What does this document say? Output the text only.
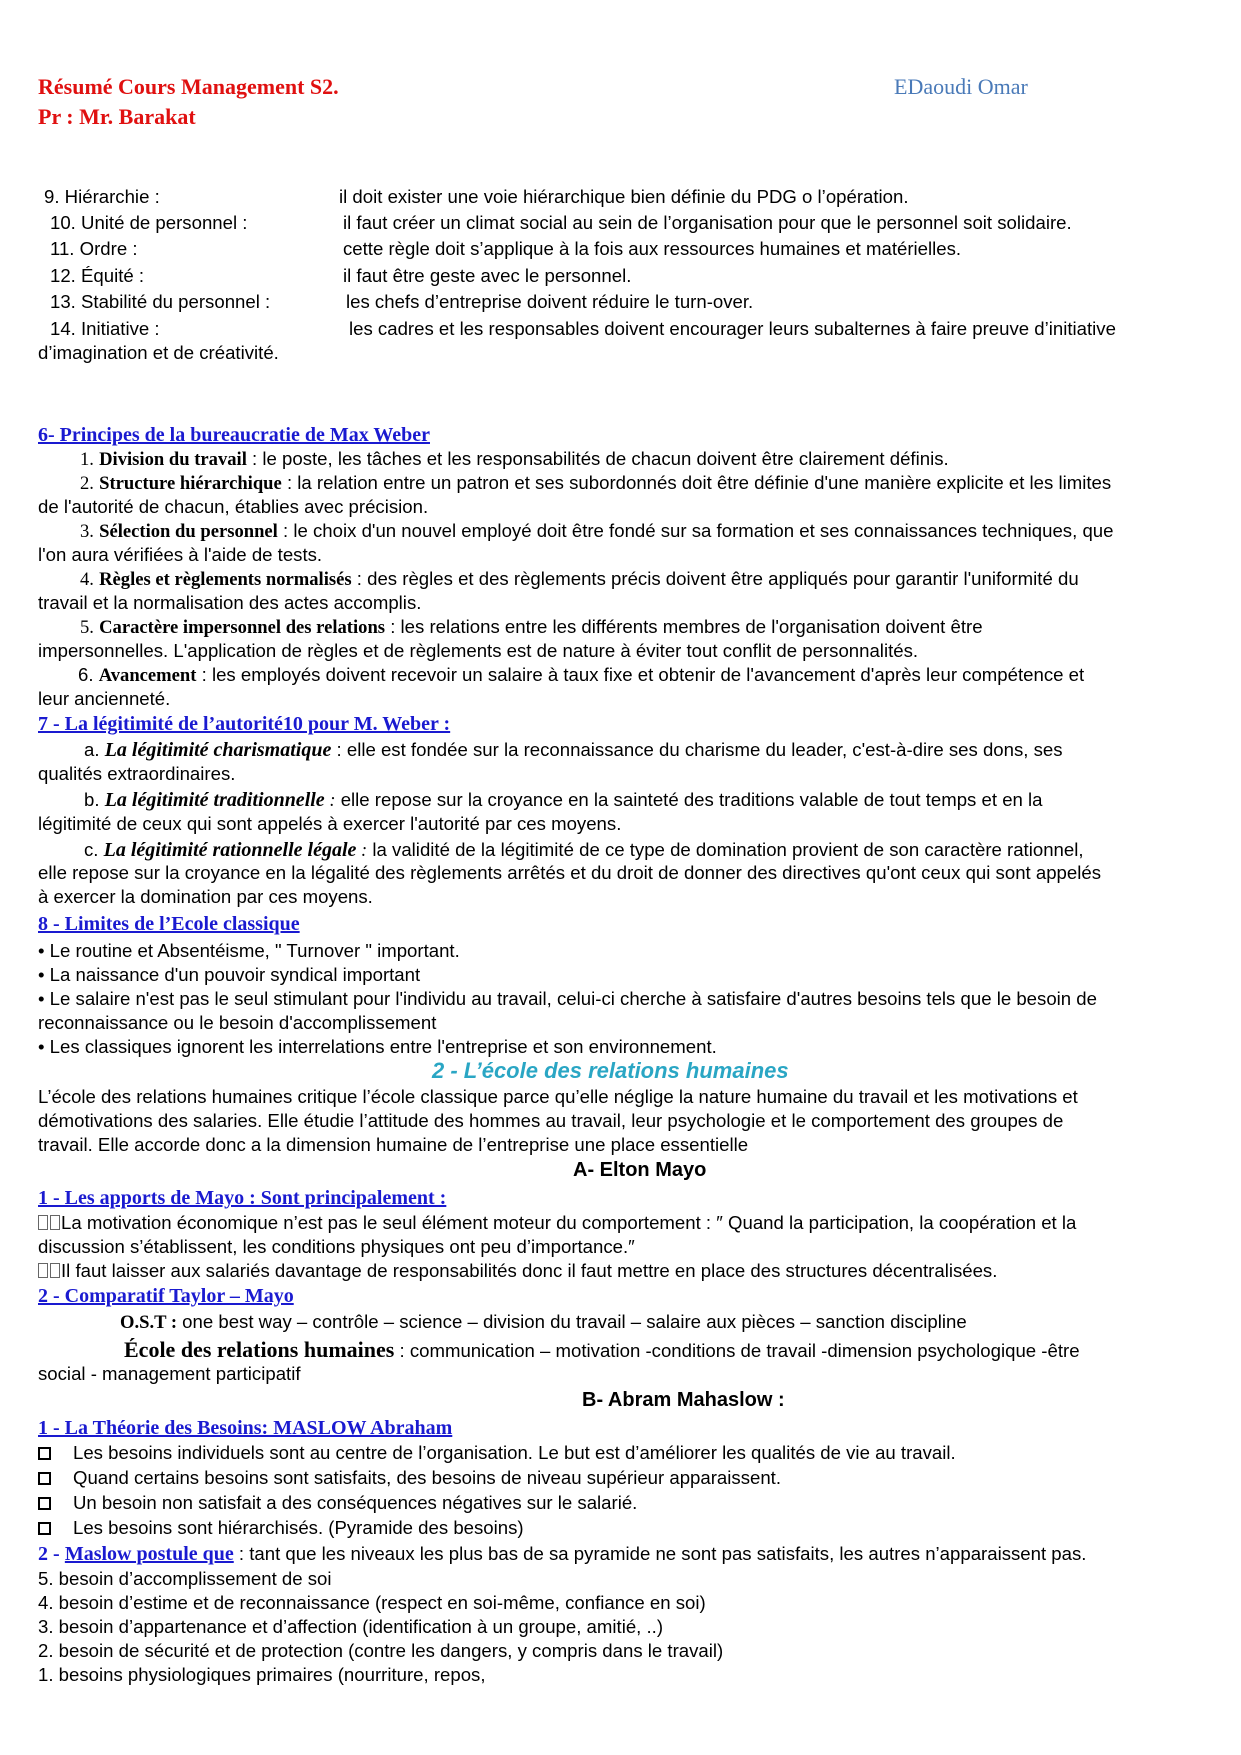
Résumé Cours Management S2.
Pr : Mr. Barakat
EDaoudi Omar
9. Hiérarchie :	il doit exister une voie hiérarchique bien définie du PDG o l’opération.
10. Unité de personnel :	il faut créer un climat social au sein de l’organisation pour que le personnel soit solidaire.
11. Ordre :	cette règle doit s’applique à la fois aux ressources humaines et matérielles.
12. Équité :	il faut être geste avec le personnel.
13. Stabilité du personnel :	les chefs d’entreprise doivent réduire le turn-over.
14. Initiative :	les cadres et les responsables doivent encourager leurs subalternes à faire preuve d’initiative
d’imagination et de créativité.
6- Principes de la bureaucratie de Max Weber
1. Division du travail : le poste, les tâches et les responsabilités de chacun doivent être clairement définis.
2. Structure hiérarchique : la relation entre un patron et ses subordonnés doit être définie d'une manière explicite et les limites
de l'autorité de chacun, établies avec précision.
3. Sélection du personnel : le choix d'un nouvel employé doit être fondé sur sa formation et ses connaissances techniques, que
l'on aura vérifiées à l'aide de tests.
4. Règles et règlements normalisés : des règles et des règlements précis doivent être appliqués pour garantir l'uniformité du
travail et la normalisation des actes accomplis.
5. Caractère impersonnel des relations : les relations entre les différents membres de l'organisation doivent être
impersonnelles. L'application de règles et de règlements est de nature à éviter tout conflit de personnalités.
6. Avancement : les employés doivent recevoir un salaire à taux fixe et obtenir de l'avancement d'après leur compétence et
leur ancienneté.
7 - La légitimité de l’autorité10 pour M. Weber :
a. La légitimité charismatique : elle est fondée sur la reconnaissance du charisme du leader, c'est-à-dire ses dons, ses
qualités extraordinaires.
b. La légitimité traditionnelle : elle repose sur la croyance en la sainteté des traditions valable de tout temps et en la
légitimité de ceux qui sont appelés à exercer l'autorité par ces moyens.
c. La légitimité rationnelle légale : la validité de la légitimité de ce type de domination provient de son caractère rationnel,
elle repose sur la croyance en la légalité des règlements arrêtés et du droit de donner des directives qu'ont ceux qui sont appelés
à exercer la domination par ces moyens.
8 - Limites de l’Ecole classique
• Le routine et Absentéisme, " Turnover " important.
• La naissance d'un pouvoir syndical important
• Le salaire n'est pas le seul stimulant pour l'individu au travail, celui-ci cherche à satisfaire d'autres besoins tels que le besoin de
reconnaissance ou le besoin d'accomplissement
• Les classiques ignorent les interrelations entre l'entreprise et son environnement.
2 - L’école des relations humaines
L’école des relations humaines critique l’école classique parce qu’elle néglige la nature humaine du travail et les motivations et
démotivations des salaries. Elle étudie l’attitude des hommes au travail, leur psychologie et le comportement des groupes de
travail. Elle accorde donc a la dimension humaine de l’entreprise une place essentielle
A- Elton Mayo
1 - Les apports de Mayo : Sont principalement :
La motivation économique n’est pas le seul élément moteur du comportement : ″ Quand la participation, la coopération et la
discussion s’établissent, les conditions physiques ont peu d’importance.″
Il faut laisser aux salariés davantage de responsabilités donc il faut mettre en place des structures décentralisées.
2 - Comparatif Taylor – Mayo
O.S.T : one best way – contrôle – science – division du travail – salaire aux pièces – sanction discipline
École des relations humaines : communication – motivation -conditions de travail -dimension psychologique -être
social - management participatif
B- Abram Mahaslow :
1 - La Théorie des Besoins: MASLOW Abraham
Les besoins individuels sont au centre de l’organisation. Le but est d’améliorer les qualités de vie au travail.
Quand certains besoins sont satisfaits, des besoins de niveau supérieur apparaissent.
Un besoin non satisfait a des conséquences négatives sur le salarié.
Les besoins sont hiérarchisés. (Pyramide des besoins)
2 - Maslow postule que : tant que les niveaux les plus bas de sa pyramide ne sont pas satisfaits, les autres n’apparaissent pas.
5. besoin d’accomplissement de soi
4. besoin d’estime et de reconnaissance (respect en soi-même, confiance en soi)
3. besoin d’appartenance et d’affection (identification à un groupe, amitié, ..)
2. besoin de sécurité et de protection (contre les dangers, y compris dans le travail)
1. besoins physiologiques primaires (nourriture, repos,
